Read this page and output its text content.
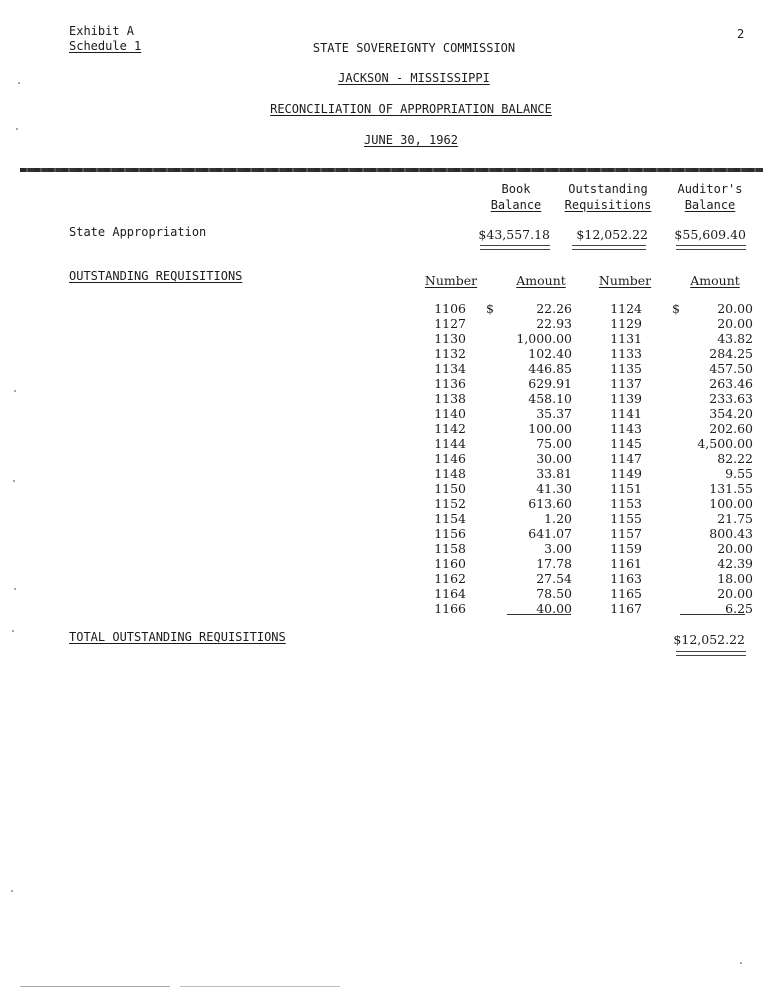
Exhibit A
Schedule 1
2
STATE SOVEREIGNTY COMMISSION
JACKSON - MISSISSIPPI
RECONCILIATION OF APPROPRIATION BALANCE
JUNE 30, 1962
Book
Balance
Outstanding
Requisitions
Auditor's
Balance
State Appropriation	$43,557.18	$12,052.22	$55,609.40
OUTSTANDING REQUISITIONS	Number	Amount	Number	Amount
1106	$	22.26	1124	$	20.00
1127		22.93	1129		20.00
1130		1,000.00	1131		43.82
1132		102.40	1133		284.25
1134		446.85	1135		457.50
1136		629.91	1137		263.46
1138		458.10	1139		233.63
1140		35.37	1141		354.20
1142		100.00	1143		202.60
1144		75.00	1145		4,500.00
1146		30.00	1147		82.22
1148		33.81	1149		9.55
1150		41.30	1151		131.55
1152		613.60	1153		100.00
1154		1.20	1155		21.75
1156		641.07	1157		800.43
1158		3.00	1159		20.00
1160		17.78	1161		42.39
1162		27.54	1163		18.00
1164		78.50	1165		20.00
1166		40.00	1167		6.25
TOTAL OUTSTANDING REQUISITIONS	$12,052.22
